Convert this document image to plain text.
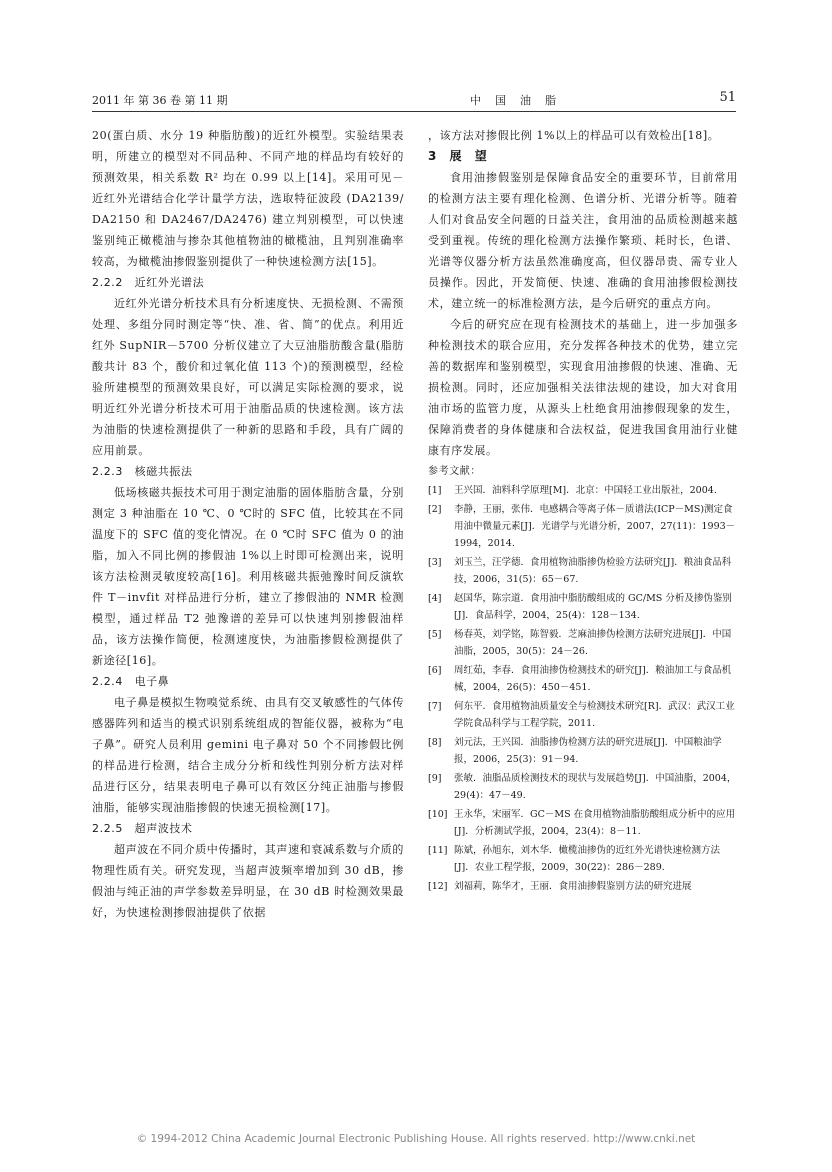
2011 年 第 36 卷 第 11 期	中国油脂	51

20(蛋白质、水分 19 种脂肪酸)的近红外模型。实验结果表明，所建立的模型对不同品种、不同产地的样品均有较好的预测效果，相关系数 R² 均在 0.99 以上[14]。采用可见－近红外光谱结合化学计量学方法，选取特征波段 (DA2139/DA2150 和 DA2467/DA2476) 建立判别模型，可以快速鉴别纯正橄榄油与掺杂其他植物油的橄榄油，且判别准确率较高，为橄榄油掺假鉴别提供了一种快速检测方法[15]。

2.2.2　近红外光谱法

近红外光谱分析技术具有分析速度快、无损检测、不需预处理、多组分同时测定等“快、准、省、简”的优点。利用近红外 SupNIR－5700 分析仪建立了大豆油脂肪酸含量(脂肪酸共计 83 个，酸价和过氧化值 113 个)的预测模型，经检验所建模型的预测效果良好，可以满足实际检测的要求，说明近红外光谱分析技术可用于油脂品质的快速检测。该方法为油脂的快速检测提供了一种新的思路和手段，具有广阔的应用前景。

2.2.3　核磁共振法

低场核磁共振技术可用于测定油脂的固体脂肪含量，分别测定 3 种油脂在 10 ℃、0 ℃时的 SFC 值，比较其在不同温度下的 SFC 值的变化情况。在 0 ℃时 SFC 值为 0 的油脂，加入不同比例的掺假油 1%以上时即可检测出来，说明该方法检测灵敏度较高[16]。利用核磁共振弛豫时间反演软件 T－invfit 对样品进行分析，建立了掺假油的 NMR 检测模型，通过样品 T2 弛豫谱的差异可以快速判别掺假油样品，该方法操作简便，检测速度快，为油脂掺假检测提供了新途径[16]。

2.2.4　电子鼻

电子鼻是模拟生物嗅觉系统、由具有交叉敏感性的气体传感器阵列和适当的模式识别系统组成的智能仪器，被称为“电子鼻”。研究人员利用 gemini 电子鼻对 50 个不同掺假比例的样品进行检测，结合主成分分析和线性判别分析方法对样品进行区分，结果表明电子鼻可以有效区分纯正油脂与掺假油脂，能够实现油脂掺假的快速无损检测[17]。

2.2.5　超声波技术

超声波在不同介质中传播时，其声速和衰减系数与介质的物理性质有关。研究发现，当超声波频率增加到 30 dB，掺假油与纯正油的声学参数差异明显，在 30 dB 时检测效果最好，为快速检测掺假油提供了依据

，该方法对掺假比例 1%以上的样品可以有效检出[18]。

3　展　望

食用油掺假鉴别是保障食品安全的重要环节，目前常用的检测方法主要有理化检测、色谱分析、光谱分析等。随着人们对食品安全问题的日益关注，食用油的品质检测越来越受到重视。传统的理化检测方法操作繁琐、耗时长，色谱、光谱等仪器分析方法虽然准确度高，但仪器昂贵、需专业人员操作。因此，开发简便、快速、准确的食用油掺假检测技术，建立统一的标准检测方法，是今后研究的重点方向。

今后的研究应在现有检测技术的基础上，进一步加强多种检测技术的联合应用，充分发挥各种技术的优势，建立完善的数据库和鉴别模型，实现食用油掺假的快速、准确、无损检测。同时，还应加强相关法律法规的建设，加大对食用油市场的监管力度，从源头上杜绝食用油掺假现象的发生，保障消费者的身体健康和合法权益，促进我国食用油行业健康有序发展。

参考文献：

[1]	王兴国．油料科学原理[M]．北京：中国轻工业出版社，2004.
[2]	李静，王丽，张伟．电感耦合等离子体－质谱法(ICP－MS)测定食用油中微量元素[J]．光谱学与光谱分析，2007，27(11)：1993－1994，2014.
[3]	刘玉兰，汪学德．食用植物油脂掺伪检验方法研究[J]．粮油食品科技，2006，31(5)：65－67.
[4]	赵国华，陈宗道．食用油中脂肪酸组成的 GC/MS 分析及掺伪鉴别[J]．食品科学，2004，25(4)：128－134.
[5]	杨春英，刘学铭，陈智毅．芝麻油掺伪检测方法研究进展[J]．中国油脂，2005，30(5)：24－26.
[6]	周红茹，李春．食用油掺伪检测技术的研究[J]．粮油加工与食品机械，2004，26(5)：450－451.
[7]	何东平．食用植物油质量安全与检测技术研究[R]．武汉：武汉工业学院食品科学与工程学院，2011.
[8]	刘元法，王兴国．油脂掺伪检测方法的研究进展[J]．中国粮油学报，2006，25(3)：91－94.
[9]	张敏．油脂品质检测技术的现状与发展趋势[J]．中国油脂，2004，29(4)：47－49.
[10] 王永华，宋丽军．GC－MS 在食用植物油脂肪酸组成分析中的应用[J]．分析测试学报，2004，23(4)：8－11.
[11] 陈斌，孙旭东，刘木华．橄榄油掺伪的近红外光谱快速检测方法[J]．农业工程学报，2009，30(22)：286－289.
[12] 刘福莉，陈华才，王丽．食用油掺假鉴别方法的研究进展
© 1994-2012 China Academic Journal Electronic Publishing House. All rights reserved. http://www.cnki.net
